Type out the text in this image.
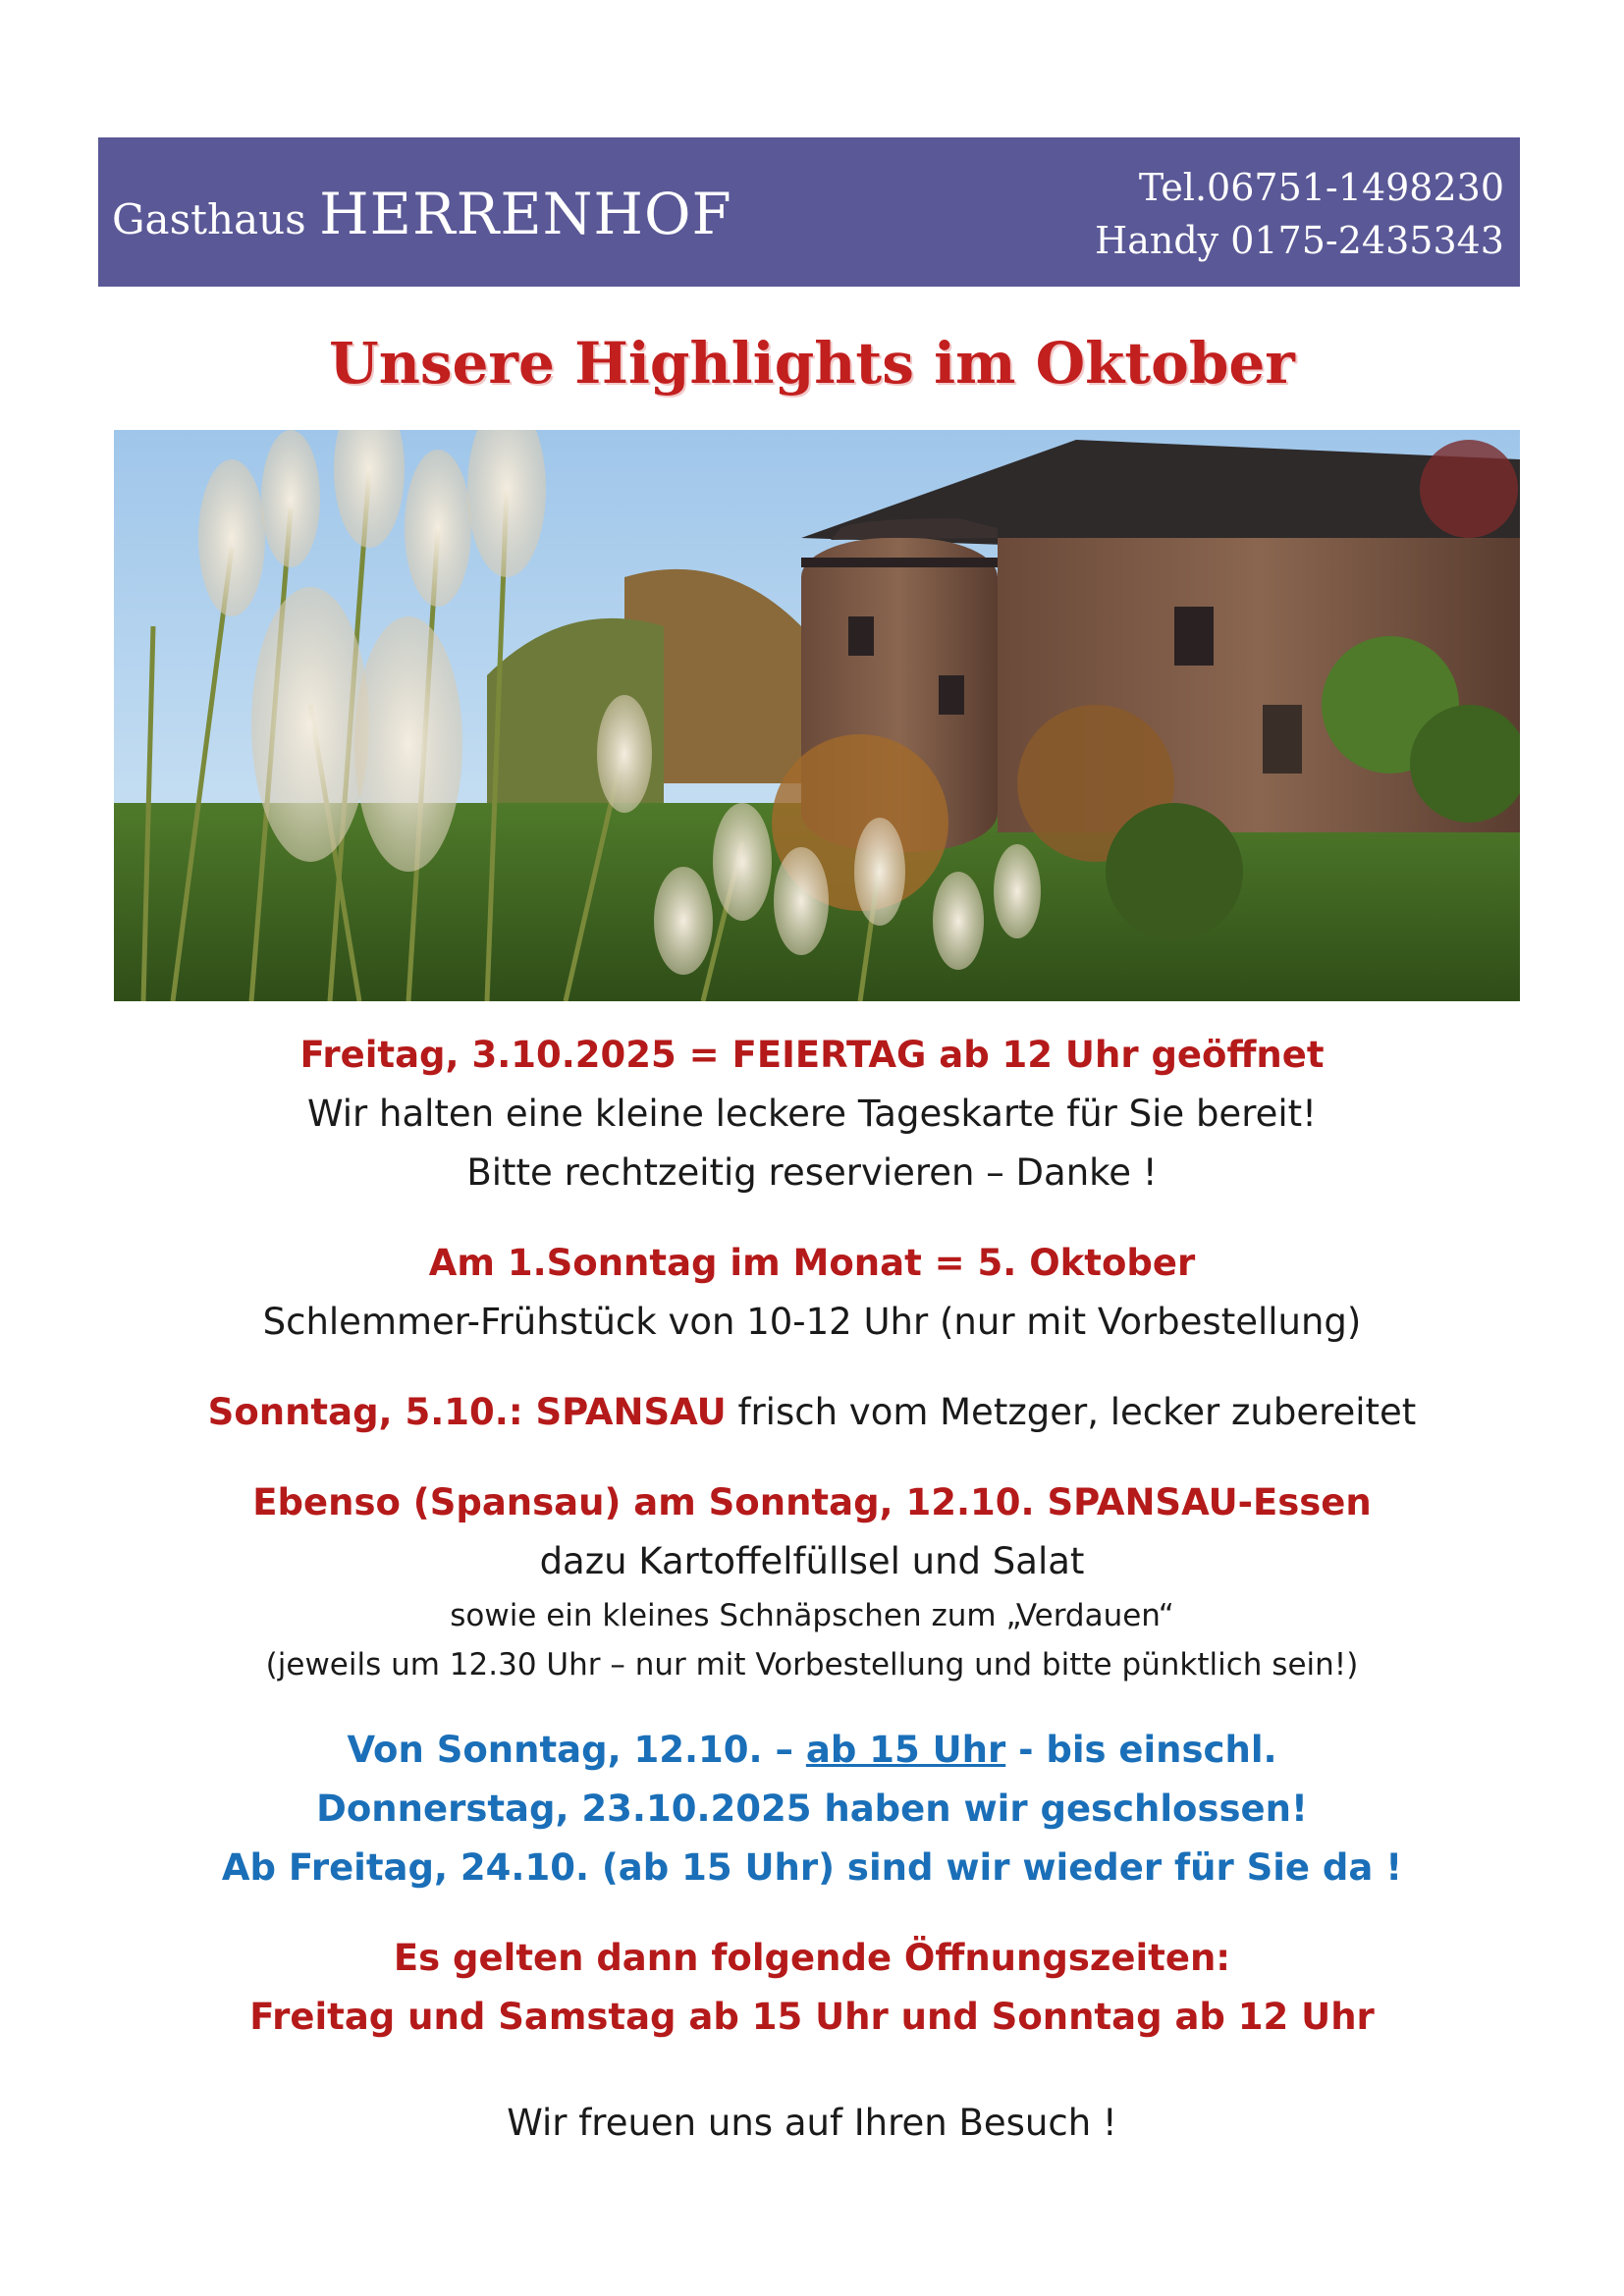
Gasthaus HERRENHOF	Tel.06751-1498230
Handy 0175-2435343
Unsere Highlights im Oktober
Freitag, 3.10.2025 = FEIERTAG ab 12 Uhr geöffnet
Wir halten eine kleine leckere Tageskarte für Sie bereit!
Bitte rechtzeitig reservieren – Danke !
Am 1.Sonntag im Monat = 5. Oktober
Schlemmer-Frühstück von 10-12 Uhr (nur mit Vorbestellung)
Sonntag, 5.10.: SPANSAU frisch vom Metzger, lecker zubereitet
Ebenso (Spansau) am Sonntag, 12.10. SPANSAU-Essen
dazu Kartoffelfüllsel und Salat
sowie ein kleines Schnäpschen zum „Verdauen“
(jeweils um 12.30 Uhr – nur mit Vorbestellung und bitte pünktlich sein!)
Von Sonntag, 12.10. – ab 15 Uhr - bis einschl.
Donnerstag, 23.10.2025 haben wir geschlossen!
Ab Freitag, 24.10. (ab 15 Uhr) sind wir wieder für Sie da !
Es gelten dann folgende Öffnungszeiten:
Freitag und Samstag ab 15 Uhr und Sonntag ab 12 Uhr
Wir freuen uns auf Ihren Besuch !
